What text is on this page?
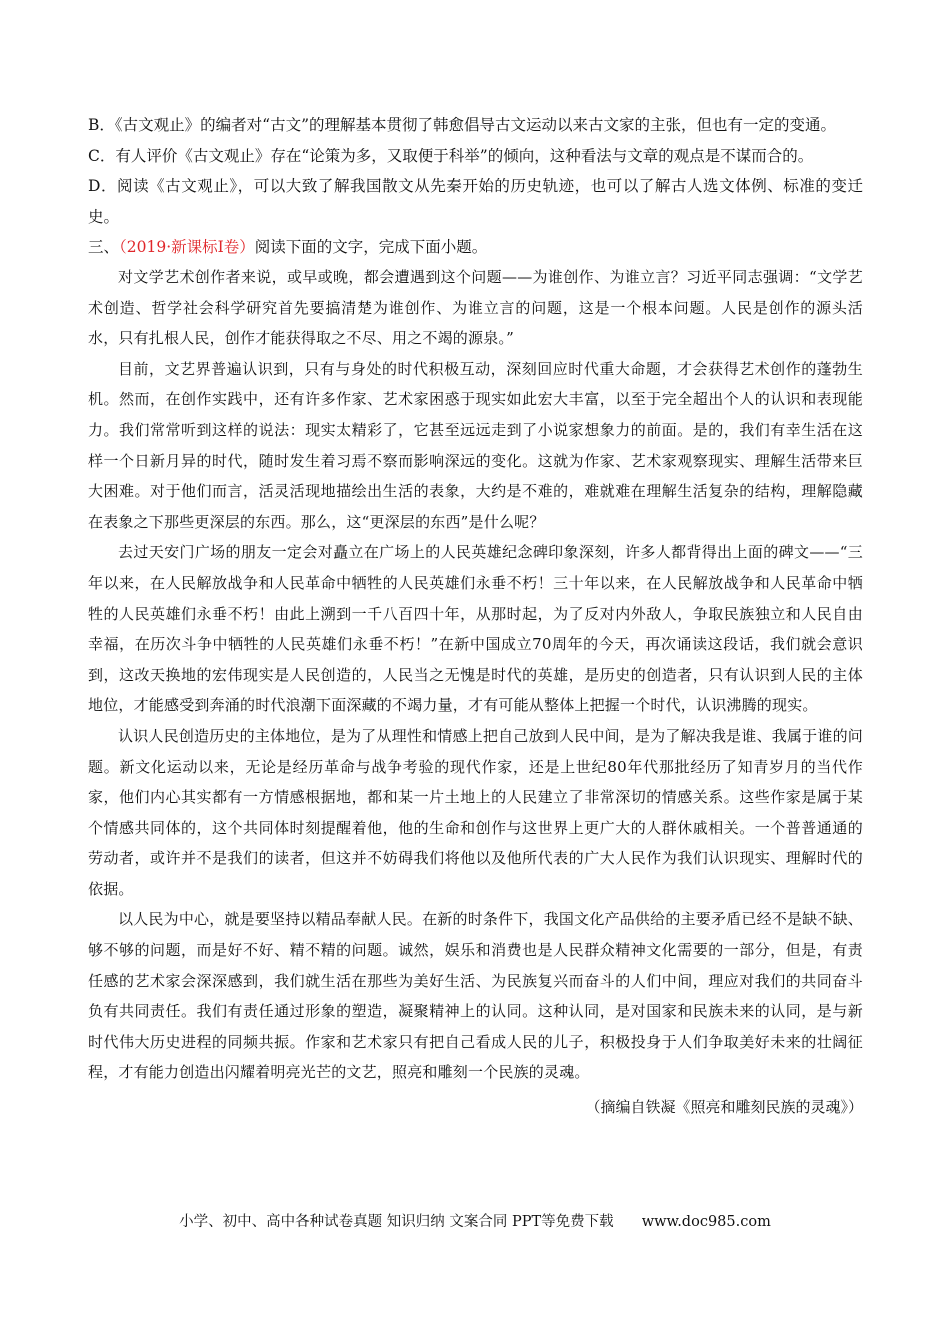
B．《古文观止》的编者对“古文”的理解基本贯彻了韩愈倡导古文运动以来古文家的主张，但也有一定的变通。

C．有人评价《古文观止》存在“论策为多，又取便于科举”的倾向，这种看法与文章的观点是不谋而合的。

D．阅读《古文观止》，可以大致了解我国散文从先秦开始的历史轨迹，也可以了解古人选文体例、标准的变迁史。

三、（2019·新课标I卷）阅读下面的文字，完成下面小题。

对文学艺术创作者来说，或早或晚，都会遭遇到这个问题——为谁创作、为谁立言？习近平同志强调：“文学艺术创造、哲学社会科学研究首先要搞清楚为谁创作、为谁立言的问题，这是一个根本问题。人民是创作的源头活水，只有扎根人民，创作才能获得取之不尽、用之不竭的源泉。”

目前，文艺界普遍认识到，只有与身处的时代积极互动，深刻回应时代重大命题，才会获得艺术创作的蓬勃生机。然而，在创作实践中，还有许多作家、艺术家困惑于现实如此宏大丰富，以至于完全超出个人的认识和表现能力。我们常常听到这样的说法：现实太精彩了，它甚至远远走到了小说家想象力的前面。是的，我们有幸生活在这样一个日新月异的时代，随时发生着习焉不察而影响深远的变化。这就为作家、艺术家观察现实、理解生活带来巨大困难。对于他们而言，活灵活现地描绘出生活的表象，大约是不难的，难就难在理解生活复杂的结构，理解隐藏在表象之下那些更深层的东西。那么，这“更深层的东西”是什么呢？

去过天安门广场的朋友一定会对矗立在广场上的人民英雄纪念碑印象深刻，许多人都背得出上面的碑文——“三年以来，在人民解放战争和人民革命中牺牲的人民英雄们永垂不朽！三十年以来，在人民解放战争和人民革命中牺牲的人民英雄们永垂不朽！由此上溯到一千八百四十年，从那时起，为了反对内外敌人，争取民族独立和人民自由幸福，在历次斗争中牺牲的人民英雄们永垂不朽！”在新中国成立70周年的今天，再次诵读这段话，我们就会意识到，这改天换地的宏伟现实是人民创造的，人民当之无愧是时代的英雄，是历史的创造者，只有认识到人民的主体地位，才能感受到奔涌的时代浪潮下面深藏的不竭力量，才有可能从整体上把握一个时代，认识沸腾的现实。

认识人民创造历史的主体地位，是为了从理性和情感上把自己放到人民中间，是为了解决我是谁、我属于谁的问题。新文化运动以来，无论是经历革命与战争考验的现代作家，还是上世纪80年代那批经历了知青岁月的当代作家，他们内心其实都有一方情感根据地，都和某一片土地上的人民建立了非常深切的情感关系。这些作家是属于某个情感共同体的，这个共同体时刻提醒着他，他的生命和创作与这世界上更广大的人群休戚相关。一个普普通通的劳动者，或许并不是我们的读者，但这并不妨碍我们将他以及他所代表的广大人民作为我们认识现实、理解时代的依据。

以人民为中心，就是要坚持以精品奉献人民。在新的时条件下，我国文化产品供给的主要矛盾已经不是缺不缺、够不够的问题，而是好不好、精不精的问题。诚然，娱乐和消费也是人民群众精神文化需要的一部分，但是，有责任感的艺术家会深深感到，我们就生活在那些为美好生活、为民族复兴而奋斗的人们中间，理应对我们的共同奋斗负有共同责任。我们有责任通过形象的塑造，凝聚精神上的认同。这种认同，是对国家和民族未来的认同，是与新时代伟大历史进程的同频共振。作家和艺术家只有把自己看成人民的儿子，积极投身于人们争取美好未来的壮阔征程，才有能力创造出闪耀着明亮光芒的文艺，照亮和雕刻一个民族的灵魂。

（摘编自铁凝《照亮和雕刻民族的灵魂》）

小学、初中、高中各种试卷真题 知识归纳 文案合同 PPT等免费下载 www.doc985.com
